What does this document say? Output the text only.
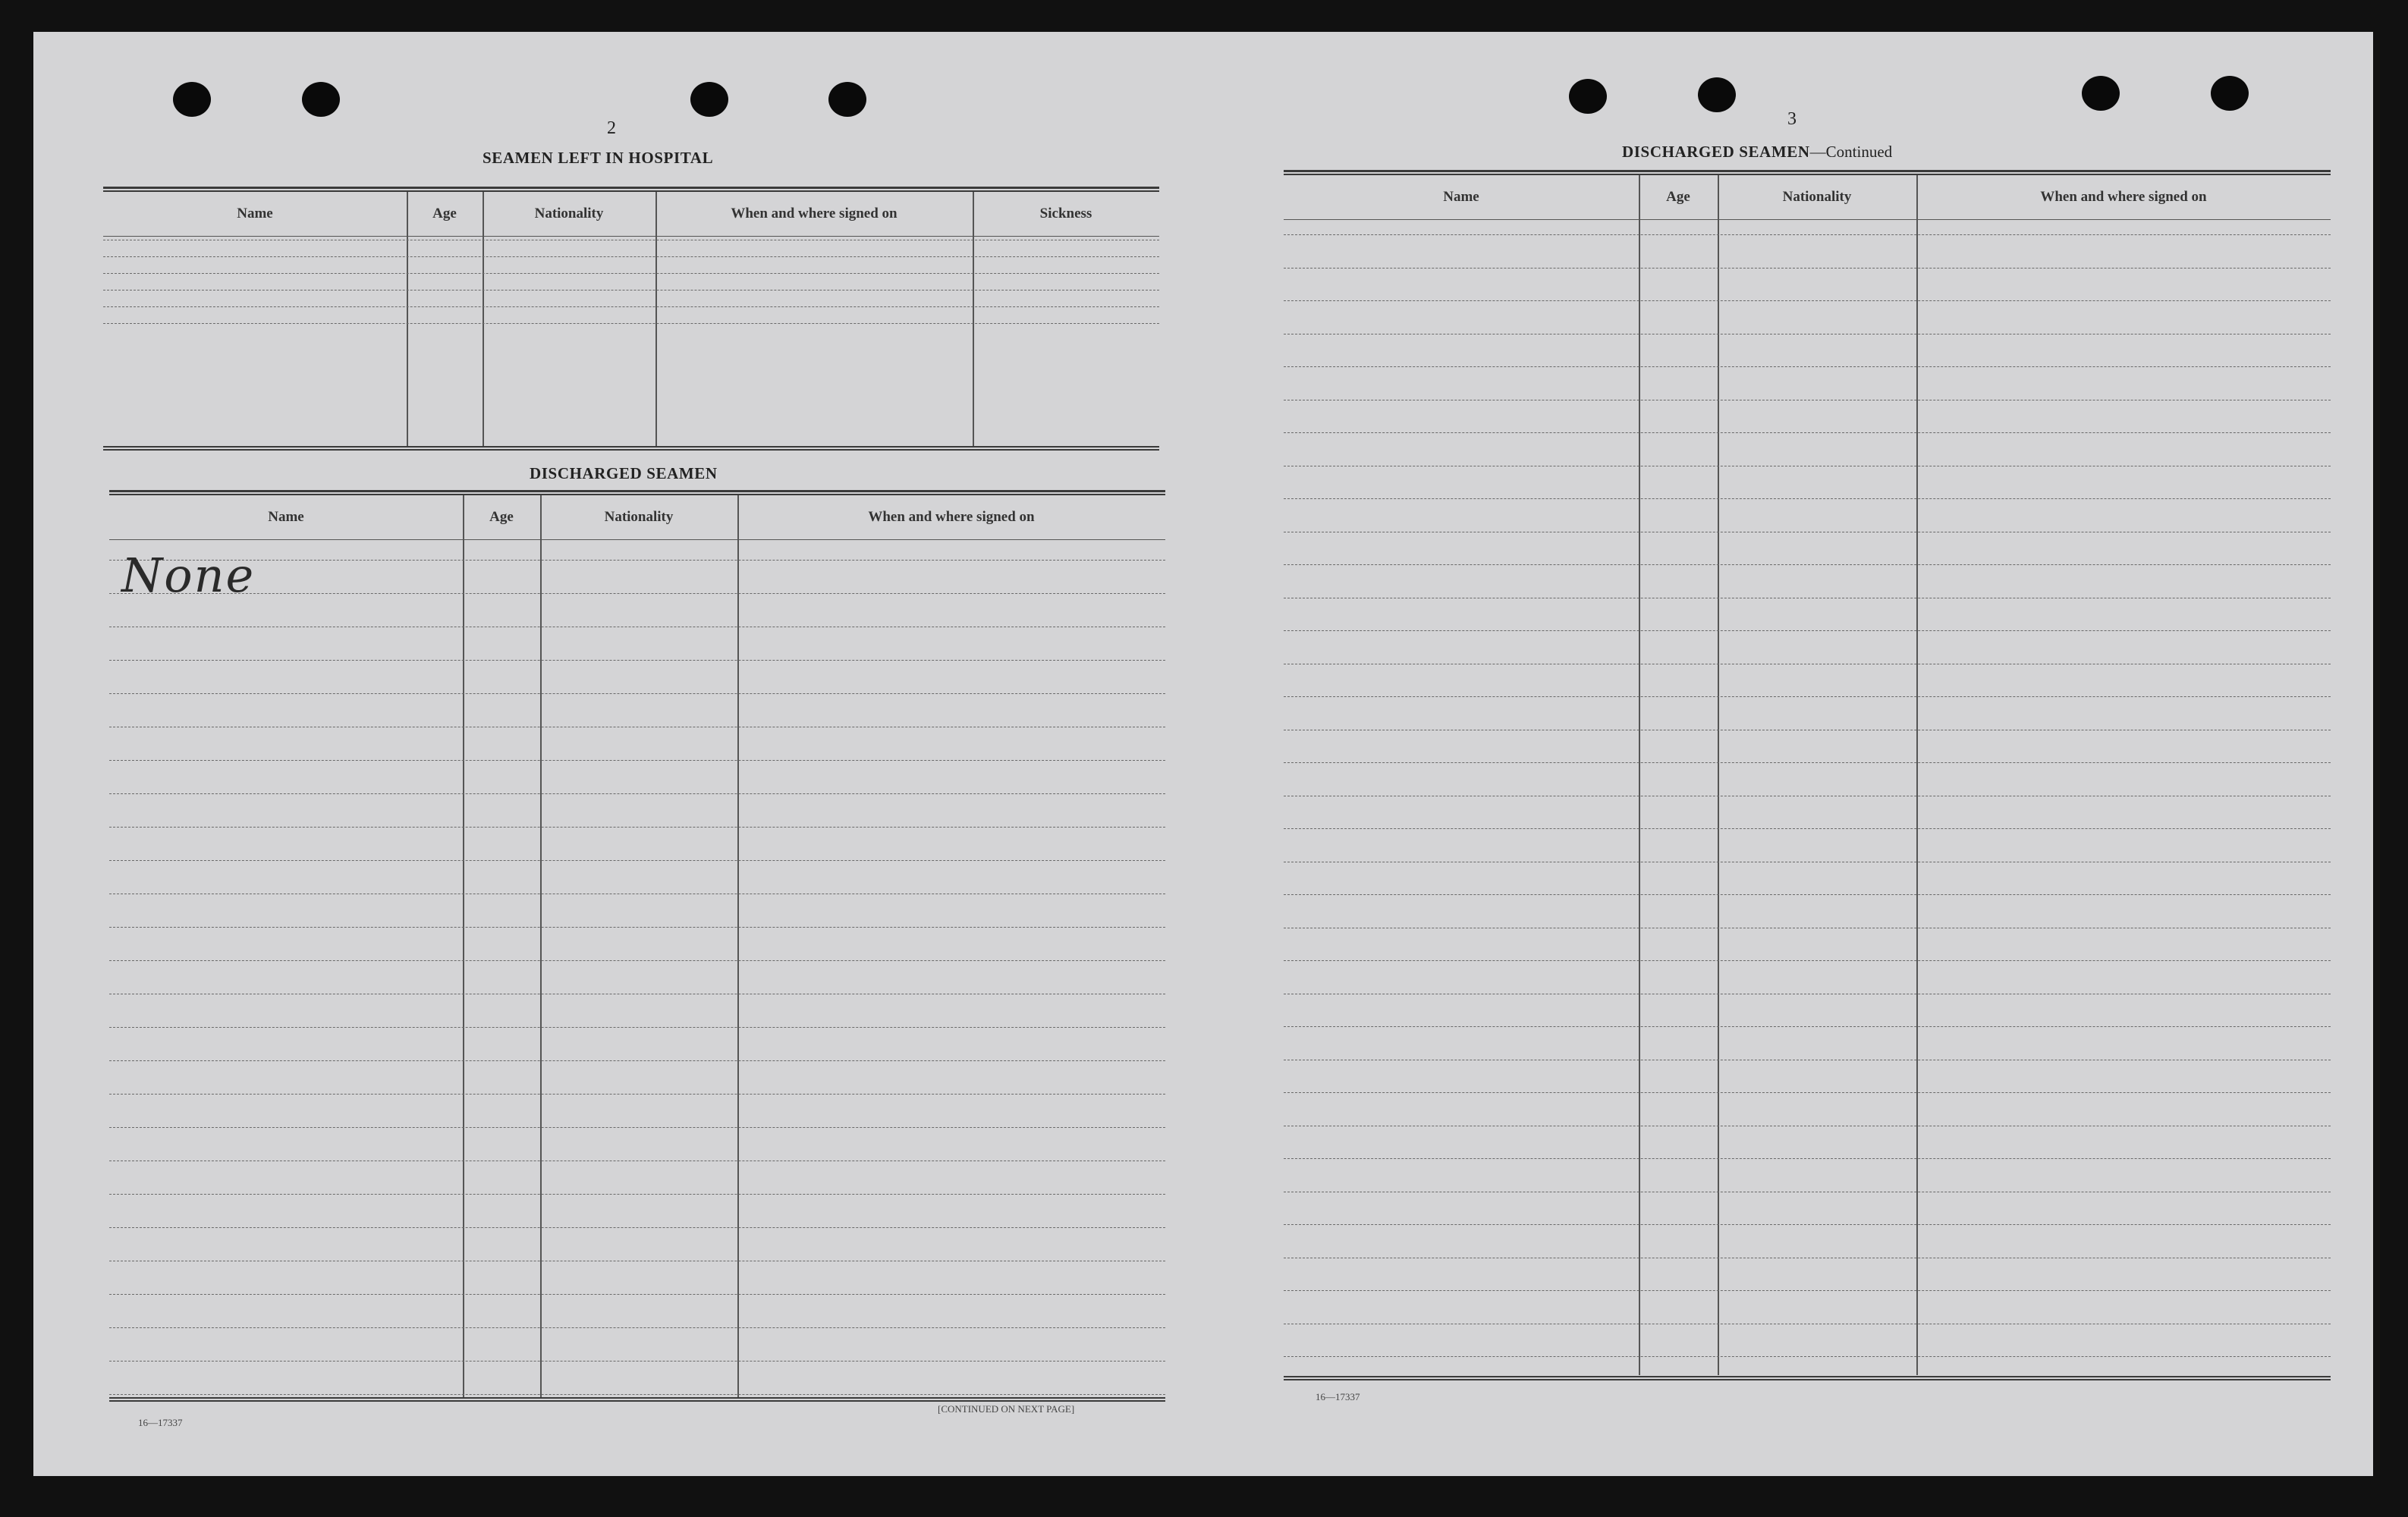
2
SEAMEN LEFT IN HOSPITAL
Name	Age	Nationality	When and where signed on	Sickness
DISCHARGED SEAMEN
Name	Age	Nationality	When and where signed on
None
16—17337
[CONTINUED ON NEXT PAGE]
3
DISCHARGED SEAMEN—Continued
Name	Age	Nationality	When and where signed on
16—17337
